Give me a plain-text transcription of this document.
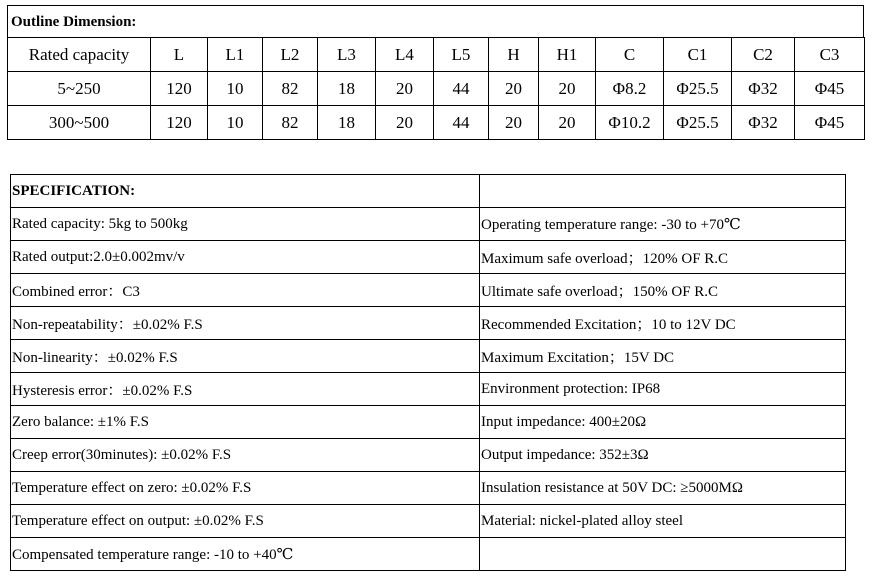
Outline Dimension:
Rated capacity	L	L1	L2	L3	L4	L5	H	H1	C	C1	C2	C3
5~250	120	10	82	18	20	44	20	20	Φ8.2	Φ25.5	Φ32	Φ45
300~500	120	10	82	18	20	44	20	20	Φ10.2	Φ25.5	Φ32	Φ45
SPECIFICATION:	
Rated capacity: 5kg to 500kg	Operating temperature range: -30 to +70℃
Rated output:2.0±0.002mv/v	Maximum safe overload；120% OF R.C
Combined error：C3	Ultimate safe overload；150% OF R.C
Non-repeatability：±0.02% F.S	Recommended Excitation；10 to 12V DC
Non-linearity：±0.02% F.S	Maximum Excitation；15V DC
Hysteresis error：±0.02% F.S	Environment protection: IP68
Zero balance: ±1% F.S	Input impedance: 400±20Ω
Creep error(30minutes): ±0.02% F.S	Output impedance: 352±3Ω
Temperature effect on zero: ±0.02% F.S	Insulation resistance at 50V DC: ≥5000MΩ
Temperature effect on output: ±0.02% F.S	Material: nickel-plated alloy steel
Compensated temperature range: -10 to +40℃	
